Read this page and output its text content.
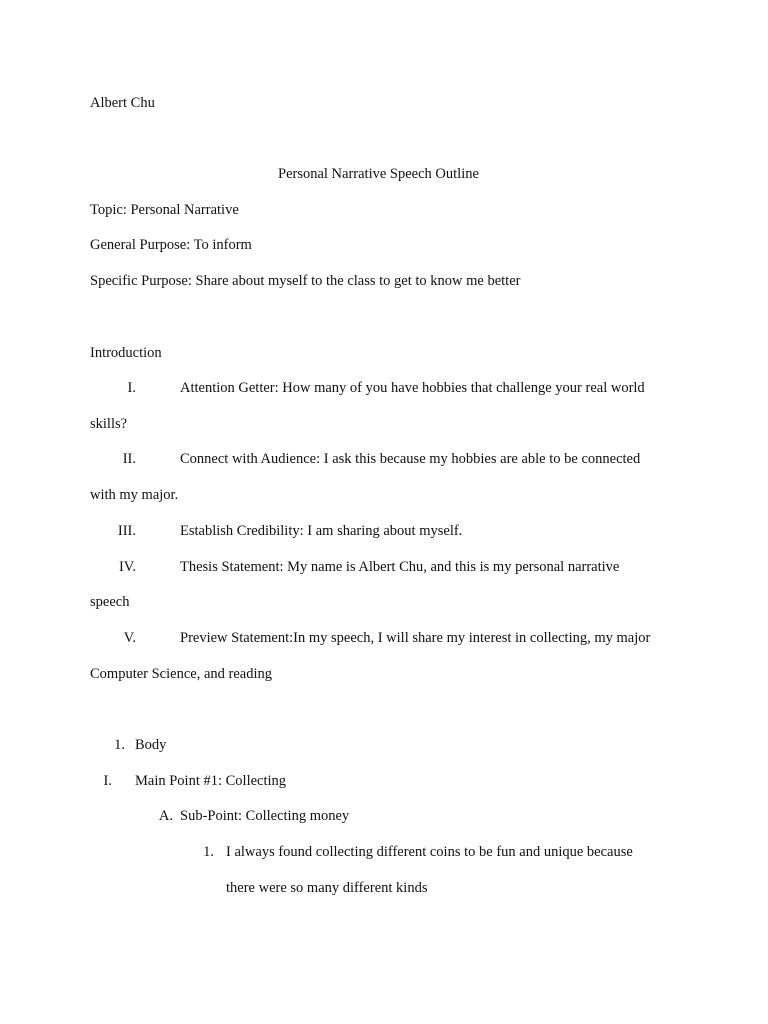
Albert Chu
Personal Narrative Speech Outline
Topic: Personal Narrative
General Purpose: To inform
Specific Purpose: Share about myself to the class to get to know me better
Introduction
I.	Attention Getter: How many of you have hobbies that challenge your real world
skills?
II.	Connect with Audience: I ask this because my hobbies are able to be connected
with my major.
III.	Establish Credibility: I am sharing about myself.
IV.	Thesis Statement: My name is Albert Chu, and this is my personal narrative
speech
V.	Preview Statement:In my speech, I will share my interest in collecting, my major
Computer Science, and reading
1. Body
I. Main Point #1: Collecting
A. Sub-Point: Collecting money
1. I always found collecting different coins to be fun and unique because
there were so many different kinds
